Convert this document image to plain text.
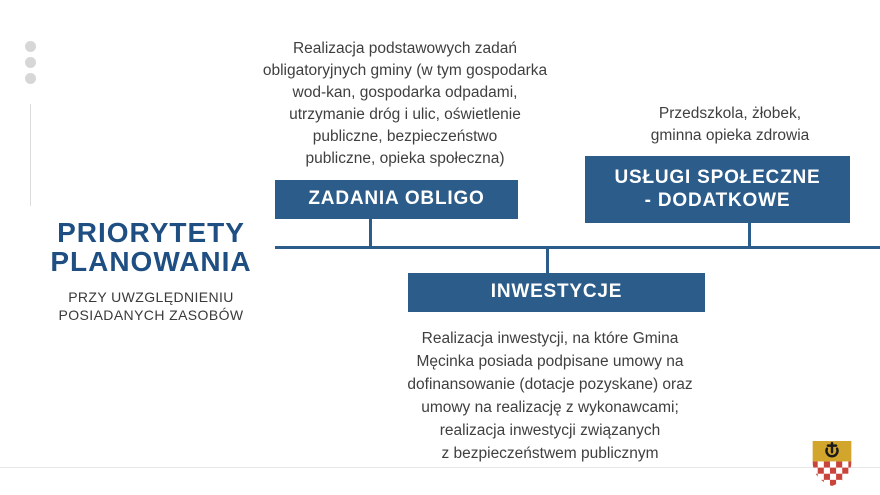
PRIORYTETY
PLANOWANIA
PRZY UWZGLĘDNIENIU
POSIADANYCH ZASOBÓW
Realizacja podstawowych zadań
obligatoryjnych gminy (w tym gospodarka
wod-kan, gospodarka odpadami,
utrzymanie dróg i ulic, oświetlenie
publiczne, bezpieczeństwo
publiczne, opieka społeczna)
Przedszkola, żłobek,
gminna opieka zdrowia
Realizacja inwestycji, na które Gmina
Męcinka posiada podpisane umowy na
dofinansowanie (dotacje pozyskane) oraz
umowy na realizację z wykonawcami;
realizacja inwestycji związanych
z bezpieczeństwem publicznym
ZADANIA OBLIGO
USŁUGI SPOŁECZNE
- DODATKOWE
INWESTYCJE
